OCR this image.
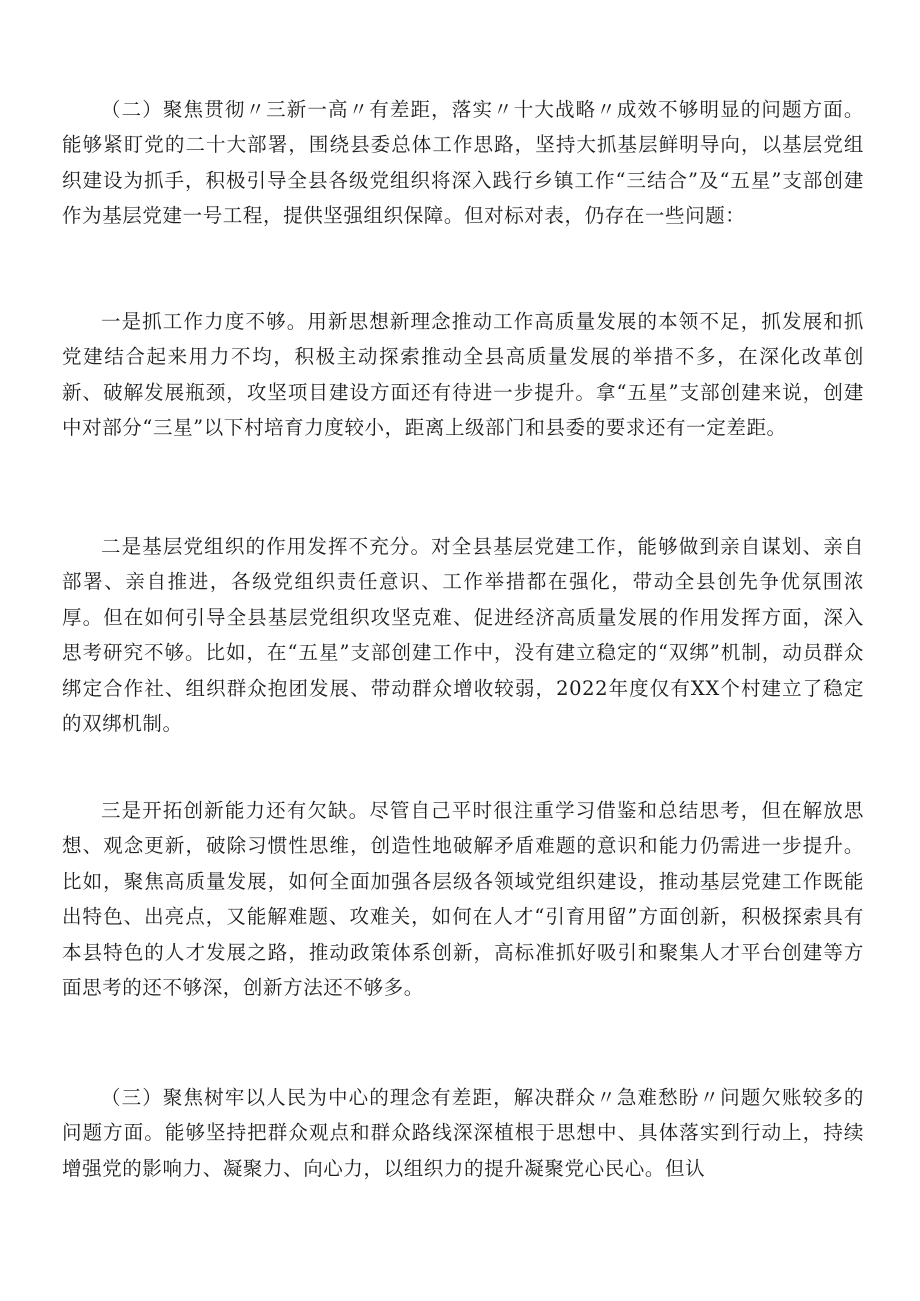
（二）聚焦贯彻〃三新一高〃有差距，落实〃十大战略〃成效不够明显的问题方面。能够紧盯党的二十大部署，围绕县委总体工作思路，坚持大抓基层鲜明导向，以基层党组织建设为抓手，积极引导全县各级党组织将深入践行乡镇工作“三结合”及“五星”支部创建作为基层党建一号工程，提供坚强组织保障。但对标对表，仍存在一些问题：

一是抓工作力度不够。用新思想新理念推动工作高质量发展的本领不足，抓发展和抓党建结合起来用力不均，积极主动探索推动全县高质量发展的举措不多，在深化改革创新、破解发展瓶颈，攻坚项目建设方面还有待进一步提升。拿“五星”支部创建来说，创建中对部分“三星”以下村培育力度较小，距离上级部门和县委的要求还有一定差距。

二是基层党组织的作用发挥不充分。对全县基层党建工作，能够做到亲自谋划、亲自部署、亲自推进，各级党组织责任意识、工作举措都在强化，带动全县创先争优氛围浓厚。但在如何引导全县基层党组织攻坚克难、促进经济高质量发展的作用发挥方面，深入思考研究不够。比如，在“五星”支部创建工作中，没有建立稳定的“双绑”机制，动员群众绑定合作社、组织群众抱团发展、带动群众增收较弱，2022年度仅有XX个村建立了稳定的双绑机制。

三是开拓创新能力还有欠缺。尽管自己平时很注重学习借鉴和总结思考，但在解放思想、观念更新，破除习惯性思维，创造性地破解矛盾难题的意识和能力仍需进一步提升。比如，聚焦高质量发展，如何全面加强各层级各领域党组织建设，推动基层党建工作既能出特色、出亮点，又能解难题、攻难关，如何在人才“引育用留”方面创新，积极探索具有本县特色的人才发展之路，推动政策体系创新，高标准抓好吸引和聚集人才平台创建等方面思考的还不够深，创新方法还不够多。

（三）聚焦树牢以人民为中心的理念有差距，解决群众〃急难愁盼〃问题欠账较多的问题方面。能够坚持把群众观点和群众路线深深植根于思想中、具体落实到行动上，持续增强党的影响力、凝聚力、向心力，以组织力的提升凝聚党心民心。但认
